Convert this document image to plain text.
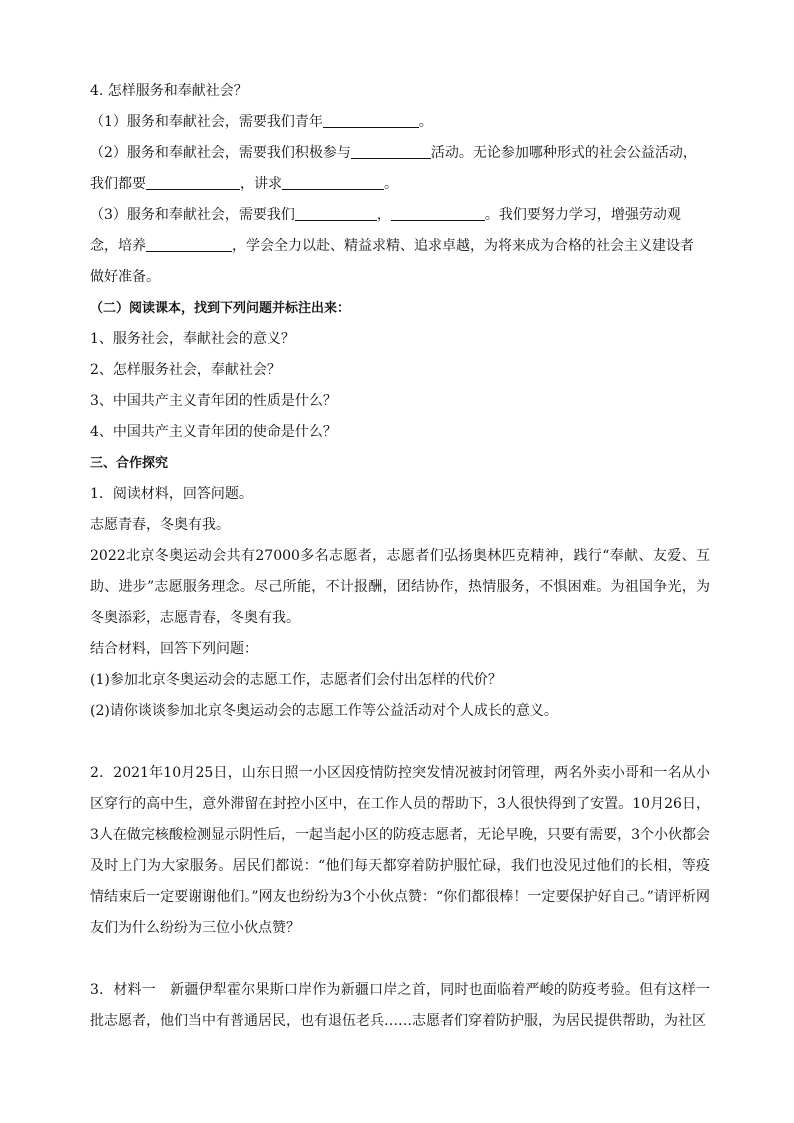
4. 怎样服务和奉献社会？
（1）服务和奉献社会，需要我们青年	。
（2）服务和奉献社会，需要我们积极参与	活动。无论参加哪种形式的社会公益活动，
我们都要	，讲求	。
（3）服务和奉献社会，需要我们	，	。我们要努力学习，增强劳动观
念，培养	，学会全力以赴、精益求精、追求卓越，为将来成为合格的社会主义建设者
做好准备。
（二）阅读课本，找到下列问题并标注出来：
1、服务社会，奉献社会的意义？
2、怎样服务社会，奉献社会？
3、中国共产主义青年团的性质是什么？
4、中国共产主义青年团的使命是什么？
三、合作探究
1．阅读材料，回答问题。
志愿青春，冬奥有我。
2022北京冬奥运动会共有27000多名志愿者，志愿者们弘扬奥林匹克精神，践行“奉献、友爱、互助、进步”志愿服务理念。尽己所能，不计报酬，团结协作，热情服务，不惧困难。为祖国争光，为冬奥添彩，志愿青春，冬奥有我。
结合材料，回答下列问题：
(1)参加北京冬奥运动会的志愿工作，志愿者们会付出怎样的代价？
(2)请你谈谈参加北京冬奥运动会的志愿工作等公益活动对个人成长的意义。
2．2021年10月25日，山东日照一小区因疫情防控突发情况被封闭管理，两名外卖小哥和一名从小区穿行的高中生，意外滞留在封控小区中，在工作人员的帮助下，3人很快得到了安置。10月26日，3人在做完核酸检测显示阴性后，一起当起小区的防疫志愿者，无论早晚，只要有需要，3个小伙都会及时上门为大家服务。居民们都说：“他们每天都穿着防护服忙碌，我们也没见过他们的长相，等疫情结束后一定要谢谢他们。”网友也纷纷为3个小伙点赞：“你们都很棒！一定要保护好自己。”请评析网友们为什么纷纷为三位小伙点赞？
3．材料一　新疆伊犁霍尔果斯口岸作为新疆口岸之首，同时也面临着严峻的防疫考验。但有这样一批志愿者，他们当中有普通居民，也有退伍老兵……志愿者们穿着防护服，为居民提供帮助，为社区
